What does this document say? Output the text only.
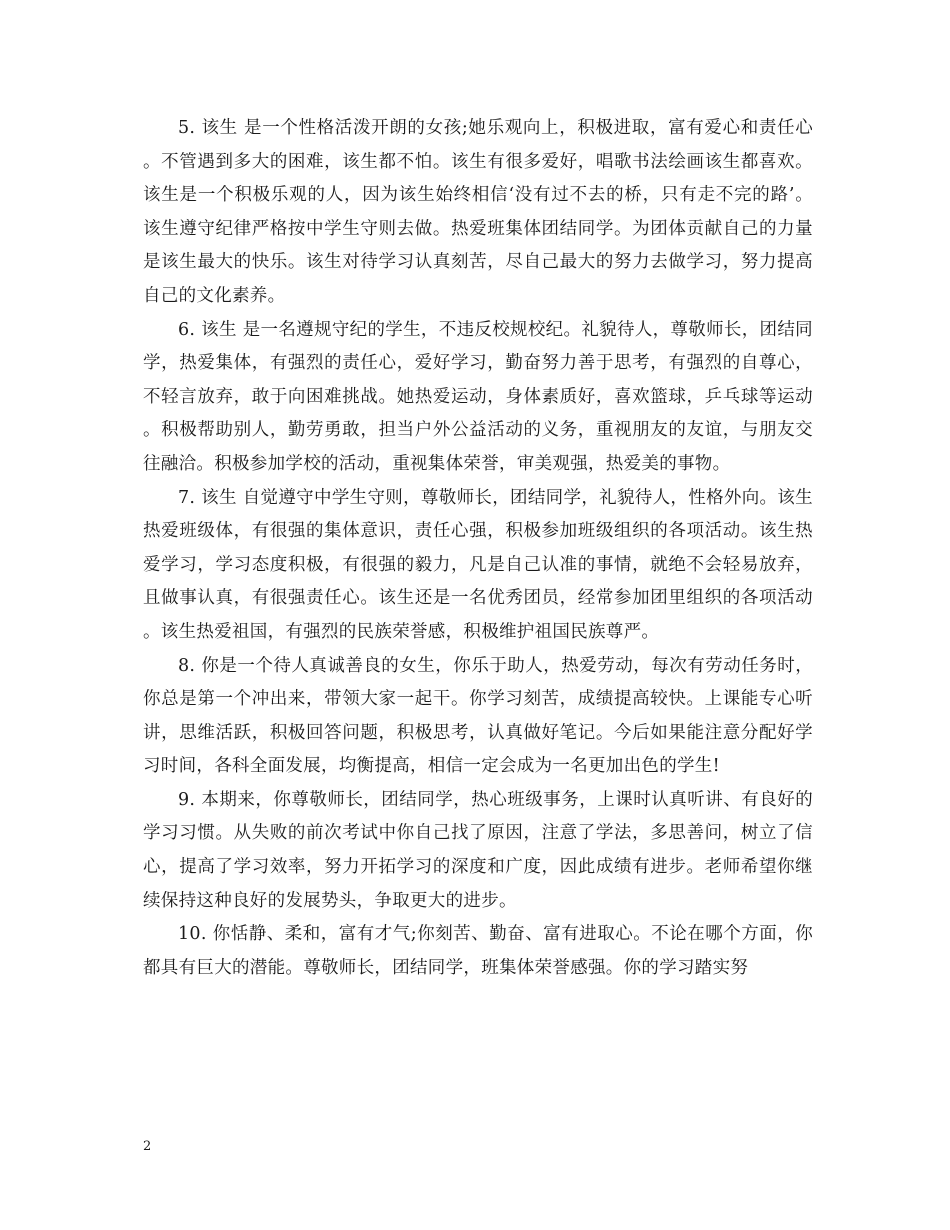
5. 该生 是一个性格活泼开朗的女孩;她乐观向上，积极进取，富有爱心和责任心。不管遇到多大的困难，该生都不怕。该生有很多爱好，唱歌书法绘画该生都喜欢。该生是一个积极乐观的人，因为该生始终相信‘没有过不去的桥，只有走不完的路’。该生遵守纪律严格按中学生守则去做。热爱班集体团结同学。为团体贡献自己的力量是该生最大的快乐。该生对待学习认真刻苦，尽自己最大的努力去做学习，努力提高自己的文化素养。

6. 该生 是一名遵规守纪的学生，不违反校规校纪。礼貌待人，尊敬师长，团结同学，热爱集体，有强烈的责任心，爱好学习，勤奋努力善于思考，有强烈的自尊心，不轻言放弃，敢于向困难挑战。她热爱运动，身体素质好，喜欢篮球，乒乓球等运动。积极帮助别人，勤劳勇敢，担当户外公益活动的义务，重视朋友的友谊，与朋友交往融洽。积极参加学校的活动，重视集体荣誉，审美观强，热爱美的事物。

7. 该生 自觉遵守中学生守则，尊敬师长，团结同学，礼貌待人，性格外向。该生热爱班级体，有很强的集体意识，责任心强，积极参加班级组织的各项活动。该生热爱学习，学习态度积极，有很强的毅力，凡是自己认准的事情，就绝不会轻易放弃，且做事认真，有很强责任心。该生还是一名优秀团员，经常参加团里组织的各项活动。该生热爱祖国，有强烈的民族荣誉感，积极维护祖国民族尊严。

8. 你是一个待人真诚善良的女生，你乐于助人，热爱劳动，每次有劳动任务时，你总是第一个冲出来，带领大家一起干。你学习刻苦，成绩提高较快。上课能专心听讲，思维活跃，积极回答问题，积极思考，认真做好笔记。今后如果能注意分配好学习时间，各科全面发展，均衡提高，相信一定会成为一名更加出色的学生!

9. 本期来，你尊敬师长，团结同学，热心班级事务，上课时认真听讲、有良好的学习习惯。从失败的前次考试中你自己找了原因，注意了学法，多思善问，树立了信心，提高了学习效率，努力开拓学习的深度和广度，因此成绩有进步。老师希望你继续保持这种良好的发展势头，争取更大的进步。

10. 你恬静、柔和，富有才气;你刻苦、勤奋、富有进取心。不论在哪个方面，你都具有巨大的潜能。尊敬师长，团结同学，班集体荣誉感强。你的学习踏实努

2
